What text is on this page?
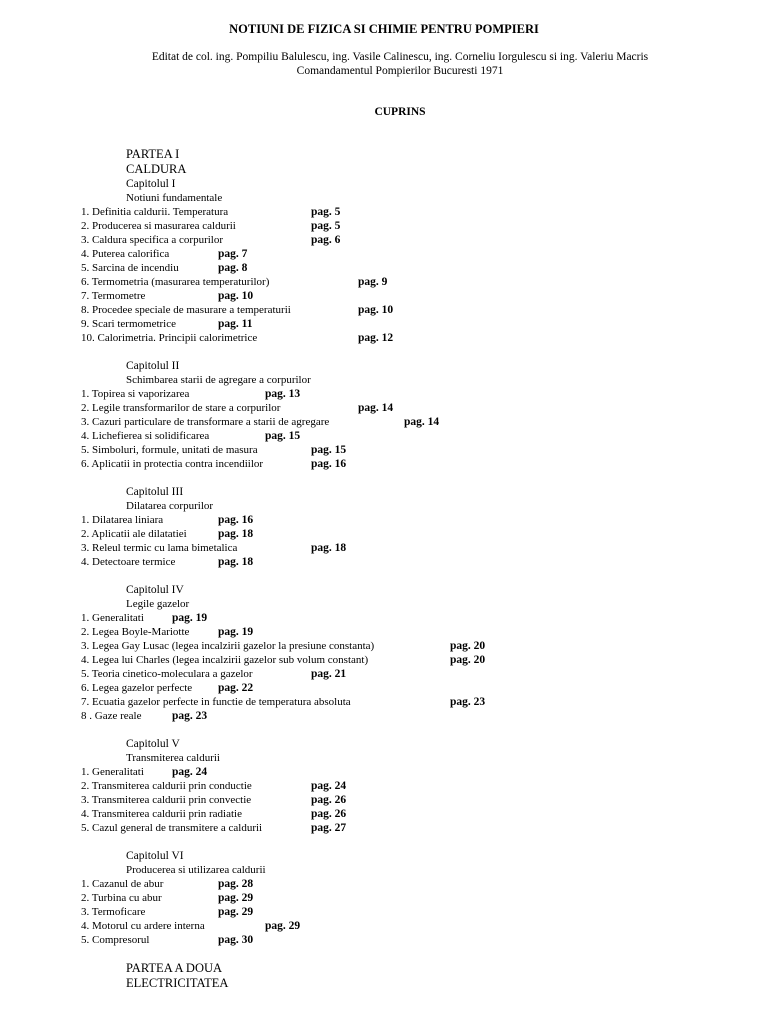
NOTIUNI DE FIZICA SI CHIMIE PENTRU POMPIERI
Editat de col. ing. Pompiliu Balulescu, ing. Vasile Calinescu, ing. Corneliu Iorgulescu si ing. Valeriu Macris
Comandamentul Pompierilor Bucuresti 1971
CUPRINS
PARTEA I
CALDURA
Capitolul I
Notiuni fundamentale
1. Definitia caldurii. Temperatura	pag. 5
2. Producerea si masurarea caldurii	pag. 5
3. Caldura specifica a corpurilor	pag. 6
4. Puterea calorifica	pag. 7
5. Sarcina de incendiu	pag. 8
6. Termometria (masurarea temperaturilor)	pag. 9
7. Termometre	pag. 10
8. Procedee speciale de masurare a temperaturii	pag. 10
9. Scari termometrice	pag. 11
10. Calorimetria. Principii calorimetrice	pag. 12
Capitolul II
Schimbarea starii de agregare a corpurilor
1. Topirea si vaporizarea	pag. 13
2. Legile transformarilor de stare a corpurilor	pag. 14
3. Cazuri particulare de transformare a starii de agregare	pag. 14
4. Lichefierea si solidificarea	pag. 15
5. Simboluri, formule, unitati de masura	pag. 15
6. Aplicatii in protectia contra incendiilor	pag. 16
Capitolul III
Dilatarea corpurilor
1. Dilatarea liniara	pag. 16
2. Aplicatii ale dilatatiei	pag. 18
3. Releul termic cu lama bimetalica	pag. 18
4. Detectoare termice	pag. 18
Capitolul IV
Legile gazelor
1. Generalitati pag. 19
2. Legea Boyle-Mariotte pag. 19
3. Legea Gay Lusac (legea incalzirii gazelor la presiune constanta)	pag. 20
4. Legea lui Charles (legea incalzirii gazelor sub volum constant)	pag. 20
5. Teoria cinetico-moleculara a gazelor	pag. 21
6. Legea gazelor perfecte pag. 22
7. Ecuatia gazelor perfecte in functie de temperatura absoluta	pag. 23
8 . Gaze reale	pag. 23
Capitolul V
Transmiterea caldurii
1. Generalitati pag. 24
2. Transmiterea caldurii prin conductie	pag. 24
3. Transmiterea caldurii prin convectie	pag. 26
4. Transmiterea caldurii prin radiatie	pag. 26
5. Cazul general de transmitere a caldurii	pag. 27
Capitolul VI
Producerea si utilizarea caldurii
1. Cazanul de abur	pag. 28
2. Turbina cu abur	pag. 29
3. Termoficare	pag. 29
4. Motorul cu ardere interna	pag. 29
5. Compresorul	pag. 30
PARTEA A DOUA
ELECTRICITATEA
